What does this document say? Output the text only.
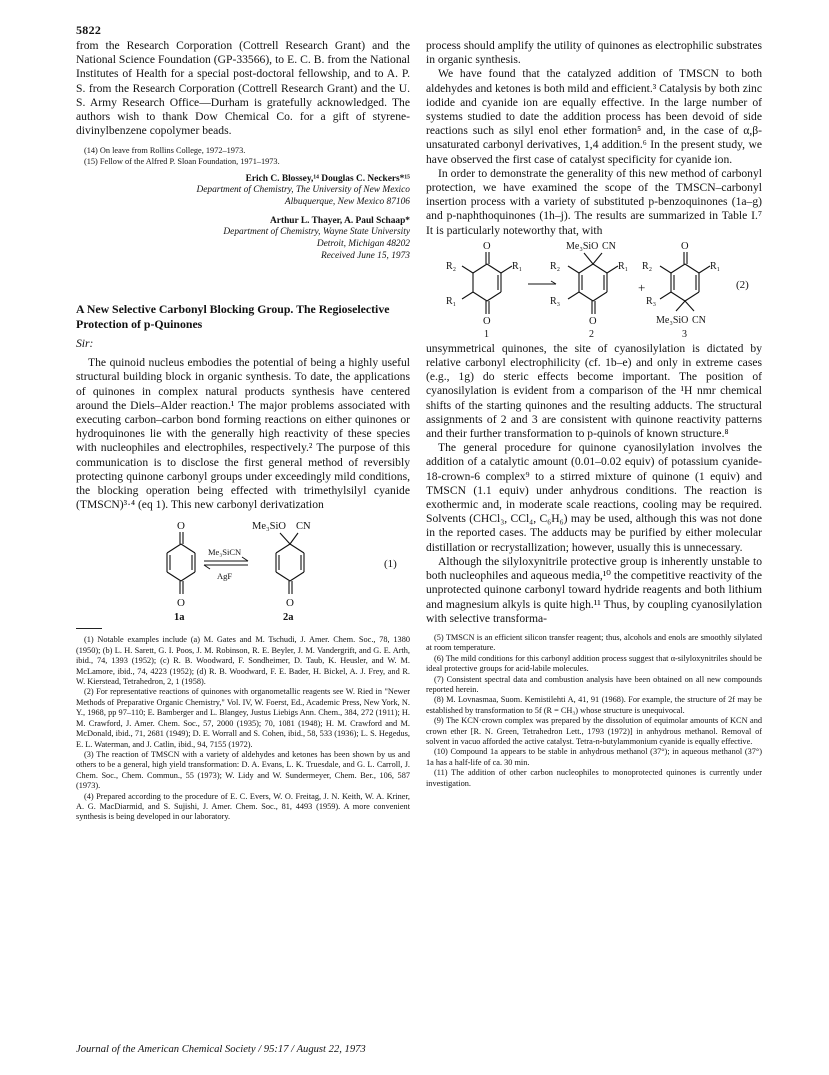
5822

from the Research Corporation (Cottrell Research Grant) and the National Science Foundation (GP-33566), to E. C. B. from the National Institutes of Health for a special post-doctoral fellowship, and to A. P. S. from the Research Corporation (Cottrell Research Grant) and the U. S. Army Research Office—Durham is gratefully acknowledged. The authors wish to thank Dow Chemical Co. for a gift of styrene-divinylbenzene copolymer beads.

(14) On leave from Rollins College, 1972–1973.

(15) Fellow of the Alfred P. Sloan Foundation, 1971–1973.

Erich C. Blossey,¹⁴ Douglas C. Neckers*¹⁵
Department of Chemistry, The University of New Mexico
Albuquerque, New Mexico 87106
Arthur L. Thayer, A. Paul Schaap*
Department of Chemistry, Wayne State University
Detroit, Michigan 48202
Received June 15, 1973

A New Selective Carbonyl Blocking Group. The Regioselective Protection of p-Quinones

Sir:

The quinoid nucleus embodies the potential of being a highly useful structural building block in organic synthesis. To date, the applications of quinones in complex natural products synthesis have centered around the Diels–Alder reaction.¹ The major problems associated with executing carbon–carbon bond forming reactions on either quinones or hydroquinones lie with the generally high reactivity of these species with nucleophiles and electrophiles, respectively.² The purpose of this communication is to disclose the first general method of reversibly protecting quinone carbonyl groups under exceedingly mild conditions, the blocking operation being effected with trimethylsilyl cyanide (TMSCN)³·⁴ (eq 1). This new carbonyl derivatization

O
O
1a
Me₃SiCN
AgF
Me₃SiO CN
O
2a
(1)

(1) Notable examples include (a) M. Gates and M. Tschudi, J. Amer. Chem. Soc., 78, 1380 (1950); (b) L. H. Sarett, G. I. Poos, J. M. Robinson, R. E. Beyler, J. M. Vandergrift, and G. E. Arth, ibid., 74, 1393 (1952); (c) R. B. Woodward, F. Sondheimer, D. Taub, K. Heusler, and W. M. McLamore, ibid., 74, 4223 (1952); (d) R. B. Woodward, F. E. Bader, H. Bickel, A. J. Frey, and R. W. Kierstead, Tetrahedron, 2, 1 (1958).

(2) For representative reactions of quinones with organometallic reagents see W. Ried in "Newer Methods of Preparative Organic Chemistry," Vol. IV, W. Foerst, Ed., Academic Press, New York, N. Y., 1968, pp 97–110; E. Bamberger and L. Blangey, Justus Liebigs Ann. Chem., 384, 272 (1911); H. M. Crawford, J. Amer. Chem. Soc., 57, 2000 (1935); 70, 1081 (1948); H. M. Crawford and M. McDonald, ibid., 71, 2681 (1949); D. E. Worrall and S. Cohen, ibid., 58, 533 (1936); L. S. Hegedus, E. L. Waterman, and J. Catlin, ibid., 94, 7155 (1972).

(3) The reaction of TMSCN with a variety of aldehydes and ketones has been shown by us and others to be a general, high yield transformation: D. A. Evans, L. K. Truesdale, and G. L. Carroll, J. Chem. Soc., Chem. Commun., 55 (1973); W. Lidy and W. Sundermeyer, Chem. Ber., 106, 587 (1973).

(4) Prepared according to the procedure of E. C. Evers, W. O. Freitag, J. N. Keith, W. A. Kriner, A. G. MacDiarmid, and S. Sujishi, J. Amer. Chem. Soc., 81, 4493 (1959). A more convenient synthesis is being developed in our laboratory.

process should amplify the utility of quinones as electrophilic substrates in organic synthesis.

We have found that the catalyzed addition of TMSCN to both aldehydes and ketones is both mild and efficient.³ Catalysis by both zinc iodide and cyanide ion are equally effective. In the large number of systems studied to date the addition process has been devoid of side reactions such as silyl enol ether formation⁵ and, in the case of α,β-unsaturated carbonyl derivatives, 1,4 addition.⁶ In the present study, we have observed the first case of catalyst specificity for cyanide ion.

In order to demonstrate the generality of this new method of carbonyl protection, we have examined the scope of the TMSCN–carbonyl insertion process with a variety of substituted p-benzoquinones (1a–g) and p-naphthoquinones (1h–j). The results are summarized in Table I.⁷ It is particularly noteworthy that, with

O
R₂	R₁
R₁
O
1
Me₃SiO CN
R₂	R₁
R₃
O
2
+
O
R₂	R₁
R₃
Me₃SiO CN
3
(2)

unsymmetrical quinones, the site of cyanosilylation is dictated by relative carbonyl electrophilicity (cf. 1b–e) and only in extreme cases (e.g., 1g) do steric effects become important. The position of cyanosilylation is evident from a comparison of the ¹H nmr chemical shifts of the starting quinones and the resulting adducts. The structural assignments of 2 and 3 are consistent with quinone reactivity patterns and their further transformation to p-quinols of known structure.⁸

The general procedure for quinone cyanosilylation involves the addition of a catalytic amount (0.01–0.02 equiv) of potassium cyanide-18-crown-6 complex⁹ to a stirred mixture of quinone (1 equiv) and TMSCN (1.1 equiv) under anhydrous conditions. The reaction is exothermic and, in moderate scale reactions, cooling may be required. Solvents (CHCl₃, CCl₄, C₆H₆) may be used, although this was not done in the reported cases. The adducts may be purified by either molecular distillation or recrystallization; however, usually this is unnecessary.

Although the silyloxynitrile protective group is inherently unstable to both nucleophiles and aqueous media,¹⁰ the competitive reactivity of the unprotected quinone carbonyl toward hydride reagents and both lithium and magnesium alkyls is quite high.¹¹ Thus, by coupling cyanosilylation with selective transforma-

(5) TMSCN is an efficient silicon transfer reagent; thus, alcohols and enols are smoothly silylated at room temperature.

(6) The mild conditions for this carbonyl addition process suggest that α-silyloxynitriles should be ideal protective groups for acid-labile molecules.

(7) Consistent spectral data and combustion analysis have been obtained on all new compounds reported herein.

(8) M. Lovnasmaa, Suom. Kemistilehti A, 41, 91 (1968). For example, the structure of 2f may be established by transformation to 5f (R = CH₃) whose structure is unequivocal.

(9) The KCN·crown complex was prepared by the dissolution of equimolar amounts of KCN and crown ether [R. N. Green, Tetrahedron Lett., 1793 (1972)] in anhydrous methanol. Removal of solvent in vacuo afforded the active catalyst. Tetra-n-butylammonium cyanide is equally effective.

(10) Compound 1a appears to be stable in anhydrous methanol (37°); in aqueous methanol (37°) 1a has a half-life of ca. 30 min.

(11) The addition of other carbon nucleophiles to monoprotected quinones is currently under investigation.

Journal of the American Chemical Society / 95:17 / August 22, 1973
